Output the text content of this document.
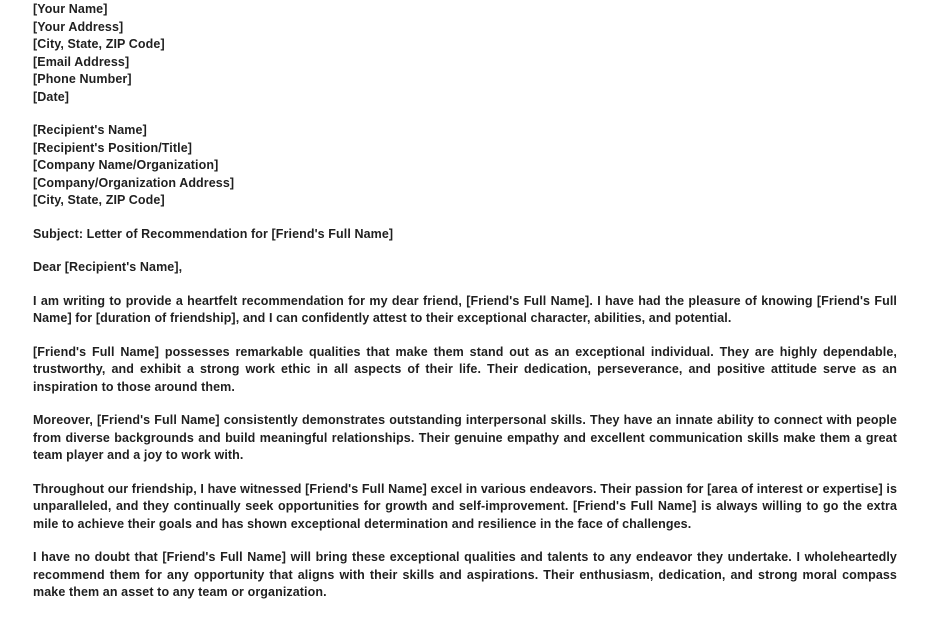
[Your Name]
[Your Address]
[City, State, ZIP Code]
[Email Address]
[Phone Number]
[Date]
[Recipient's Name]
[Recipient's Position/Title]
[Company Name/Organization]
[Company/Organization Address]
[City, State, ZIP Code]
Subject: Letter of Recommendation for [Friend's Full Name]
Dear [Recipient's Name],

I am writing to provide a heartfelt recommendation for my dear friend, [Friend's Full Name]. I have had the pleasure of knowing [Friend's Full Name] for [duration of friendship], and I can confidently attest to their exceptional character, abilities, and potential.

[Friend's Full Name] possesses remarkable qualities that make them stand out as an exceptional individual. They are highly dependable, trustworthy, and exhibit a strong work ethic in all aspects of their life. Their dedication, perseverance, and positive attitude serve as an inspiration to those around them.

Moreover, [Friend's Full Name] consistently demonstrates outstanding interpersonal skills. They have an innate ability to connect with people from diverse backgrounds and build meaningful relationships. Their genuine empathy and excellent communication skills make them a great team player and a joy to work with.

Throughout our friendship, I have witnessed [Friend's Full Name] excel in various endeavors. Their passion for [area of interest or expertise] is unparalleled, and they continually seek opportunities for growth and self-improvement. [Friend's Full Name] is always willing to go the extra mile to achieve their goals and has shown exceptional determination and resilience in the face of challenges.

I have no doubt that [Friend's Full Name] will bring these exceptional qualities and talents to any endeavor they undertake. I wholeheartedly recommend them for any opportunity that aligns with their skills and aspirations. Their enthusiasm, dedication, and strong moral compass make them an asset to any team or organization.
